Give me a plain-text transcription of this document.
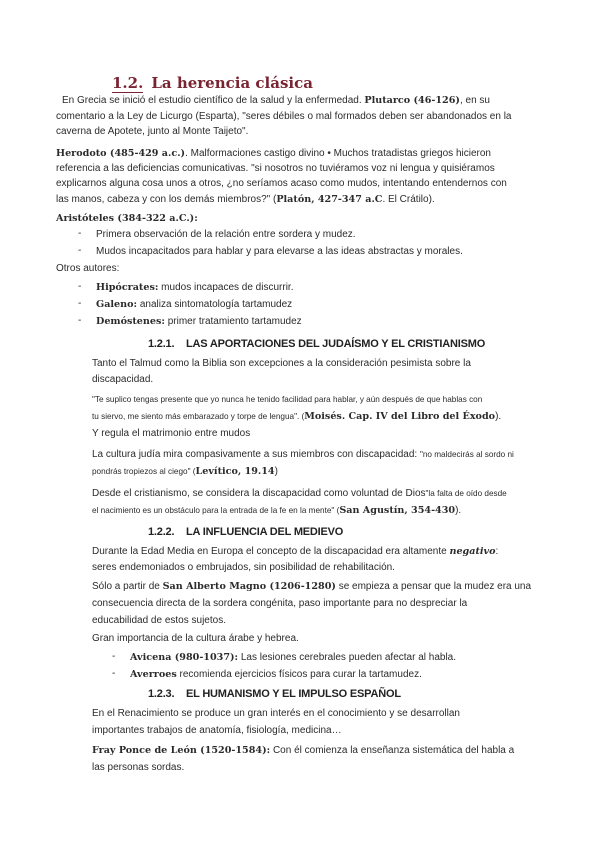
1.2. La herencia clásica
En Grecia se inició el estudio científico de la salud y la enfermedad. Plutarco (46-126), en su
comentario a la Ley de Licurgo (Esparta), "seres débiles o mal formados deben ser abandonados en la
caverna de Apotete, junto al Monte Taijeto".
Herodoto (485-429 a.c.). Malformaciones castigo divino • Muchos tratadistas griegos hicieron
referencia a las deficiencias comunicativas. "si nosotros no tuviéramos voz ni lengua y quisiéramos
explicarnos alguna cosa unos a otros, ¿no seríamos acaso como mudos, intentando entendernos con
las manos, cabeza y con los demás miembros?" (Platón, 427-347 a.C. El Crátilo).
Aristóteles (384-322 a.C.):
- Primera observación de la relación entre sordera y mudez.
- Mudos incapacitados para hablar y para elevarse a las ideas abstractas y morales.
Otros autores:
- Hipócrates: mudos incapaces de discurrir.
- Galeno: analiza sintomatología tartamudez
- Demóstenes: primer tratamiento tartamudez
1.2.1. LAS APORTACIONES DEL JUDAÍSMO Y EL CRISTIANISMO
Tanto el Talmud como la Biblia son excepciones a la consideración pesimista sobre la
discapacidad.
"Te suplico tengas presente que yo nunca he tenido facilidad para hablar, y aún después de que hablas con
tu siervo, me siento más embarazado y torpe de lengua". (Moisés. Cap. IV del Libro del Éxodo).
Y regula el matrimonio entre mudos
La cultura judía mira compasivamente a sus miembros con discapacidad: "no maldecirás al sordo ni
pondrás tropiezos al ciego" (Levítico, 19.14)
Desde el cristianismo, se considera la discapacidad como voluntad de Dios"la falta de oído desde
el nacimiento es un obstáculo para la entrada de la fe en la mente" (San Agustín, 354-430).
1.2.2. LA INFLUENCIA DEL MEDIEVO
Durante la Edad Media en Europa el concepto de la discapacidad era altamente negativo:
seres endemoniados o embrujados, sin posibilidad de rehabilitación.
Sólo a partir de San Alberto Magno (1206-1280) se empieza a pensar que la mudez era una
consecuencia directa de la sordera congénita, paso importante para no despreciar la
educabilidad de estos sujetos.
Gran importancia de la cultura árabe y hebrea.
- Avicena (980-1037): Las lesiones cerebrales pueden afectar al habla.
- Averroes recomienda ejercicios físicos para curar la tartamudez.
1.2.3. EL HUMANISMO Y EL IMPULSO ESPAÑOL
En el Renacimiento se produce un gran interés en el conocimiento y se desarrollan
importantes trabajos de anatomía, fisiología, medicina…
Fray Ponce de León (1520-1584): Con él comienza la enseñanza sistemática del habla a
las personas sordas.
